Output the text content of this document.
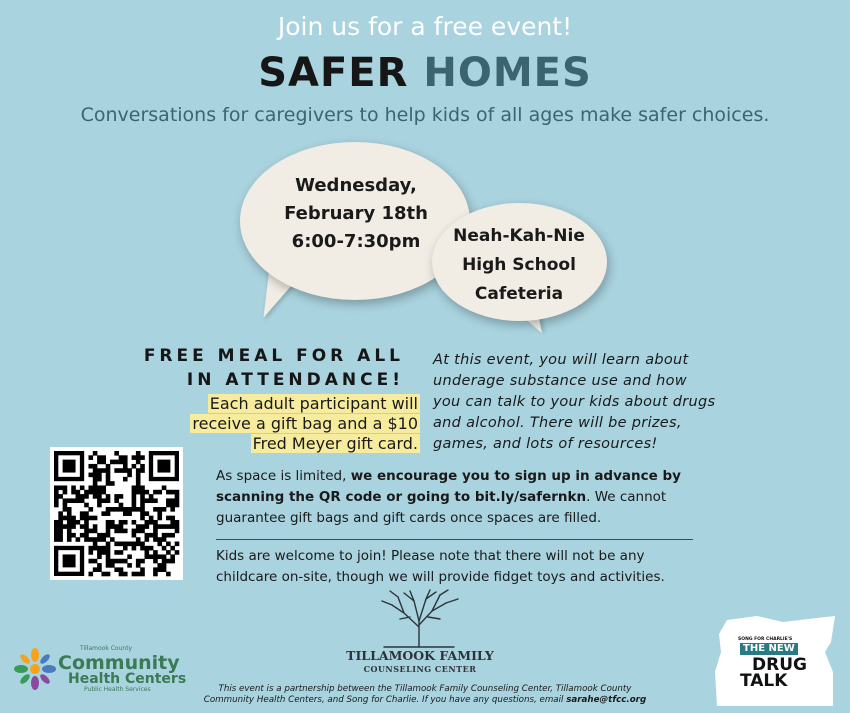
Join us for a free event!
SAFER HOMES
Conversations for caregivers to help kids of all ages make safer choices.
Wednesday,
February 18th
6:00-7:30pm	Neah-Kah-Nie
High School
Cafeteria
FREE MEAL FOR ALL
IN ATTENDANCE!
Each adult participant will
receive a gift bag and a $10
Fred Meyer gift card.
At this event, you will learn about
underage substance use and how
you can talk to your kids about drugs
and alcohol. There will be prizes,
games, and lots of resources!
As space is limited, we encourage you to sign up in advance by
scanning the QR code or going to bit.ly/safernkn. We cannot
guarantee gift bags and gift cards once spaces are filled.
Kids are welcome to join! Please note that there will not be any
childcare on-site, though we will provide fidget toys and activities.
Tillamook County
Community
Health Centers
Public Health Services
TILLAMOOK FAMILY
COUNSELING CENTER
This event is a partnership between the Tillamook Family Counseling Center, Tillamook County
Community Health Centers, and Song for Charlie. If you have any questions, email sarahe@tfcc.org
SONG FOR CHARLIE'S
THE NEW
DRUG
TALK
